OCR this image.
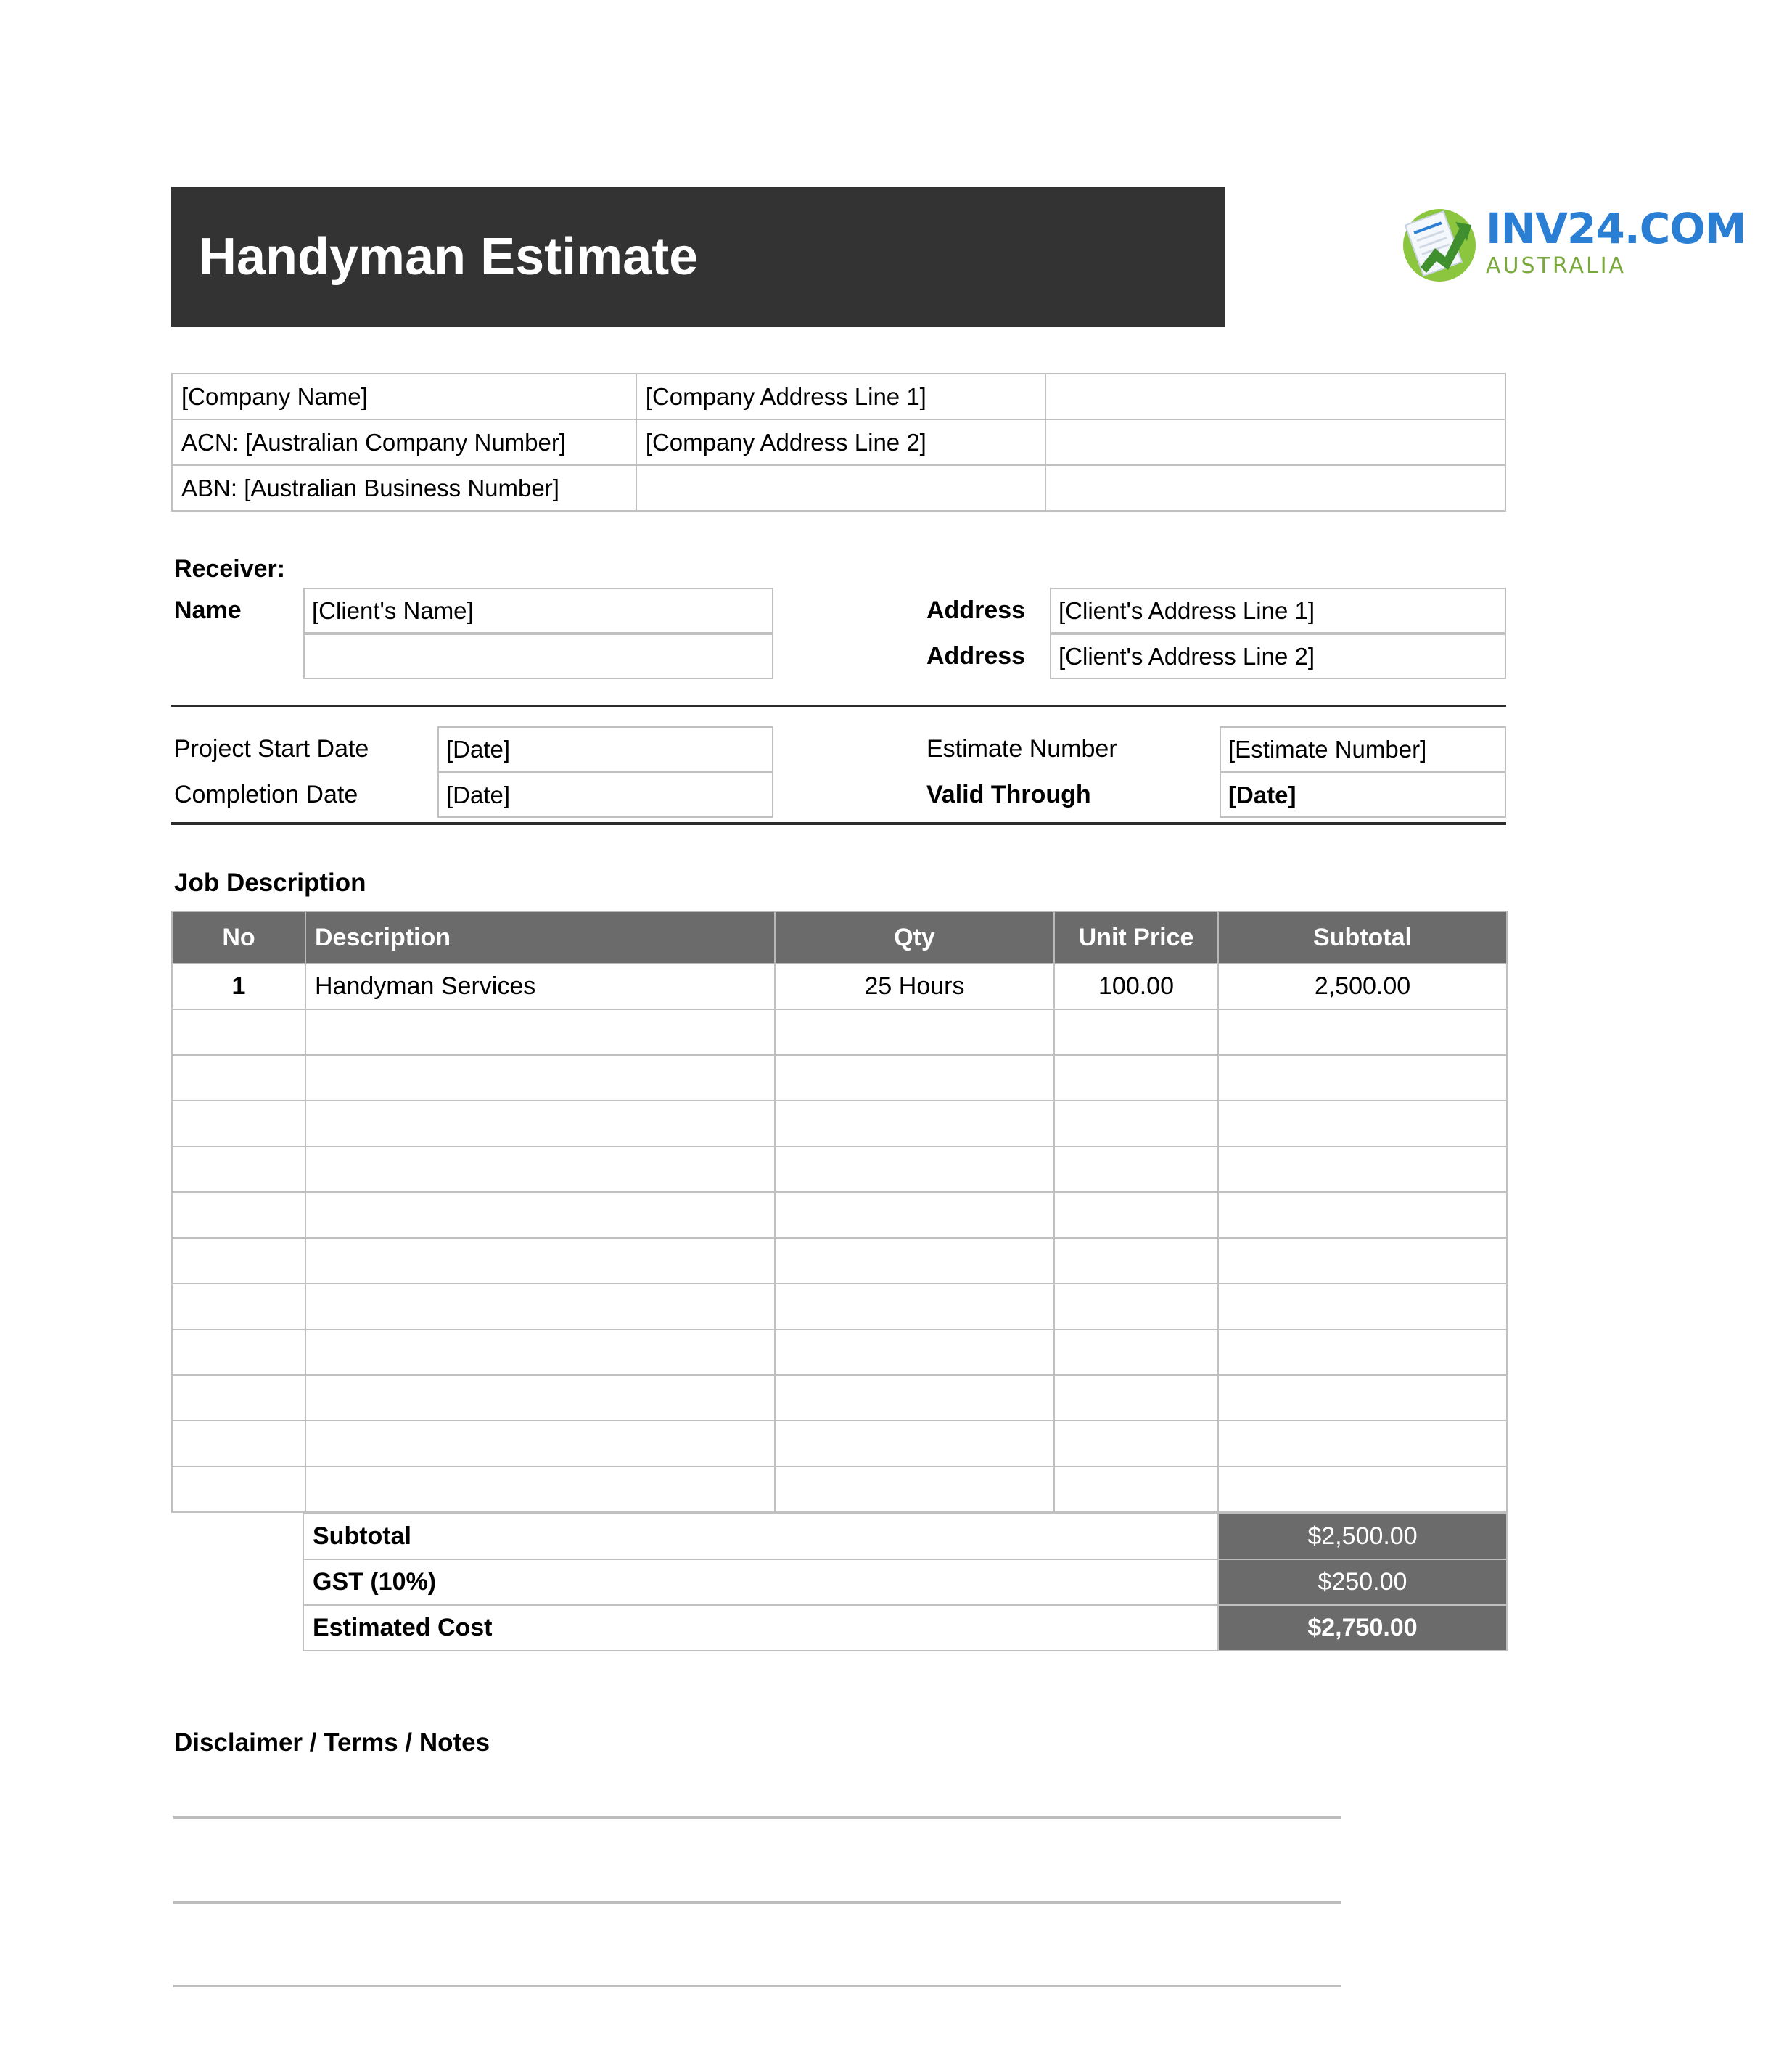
Handyman Estimate	INV24.COM
AUSTRALIA
[Company Name]	[Company Address Line 1]	
ACN: [Australian Company Number]	[Company Address Line 2]	
ABN: [Australian Business Number]		
Receiver:
Name	[Client's Name]	Address	[Client's Address Line 1]
Address	[Client's Address Line 2]
Project Start Date	[Date]
Completion Date	[Date]
Estimate Number	[Estimate Number]
Valid Through	[Date]
Job Description
No	Description	Qty	Unit Price	Subtotal
1	Handyman Services	25 Hours	100.00	2,500.00

Subtotal	$2,500.00
GST (10%)	$250.00
Estimated Cost	$2,750.00
Disclaimer / Terms / Notes
